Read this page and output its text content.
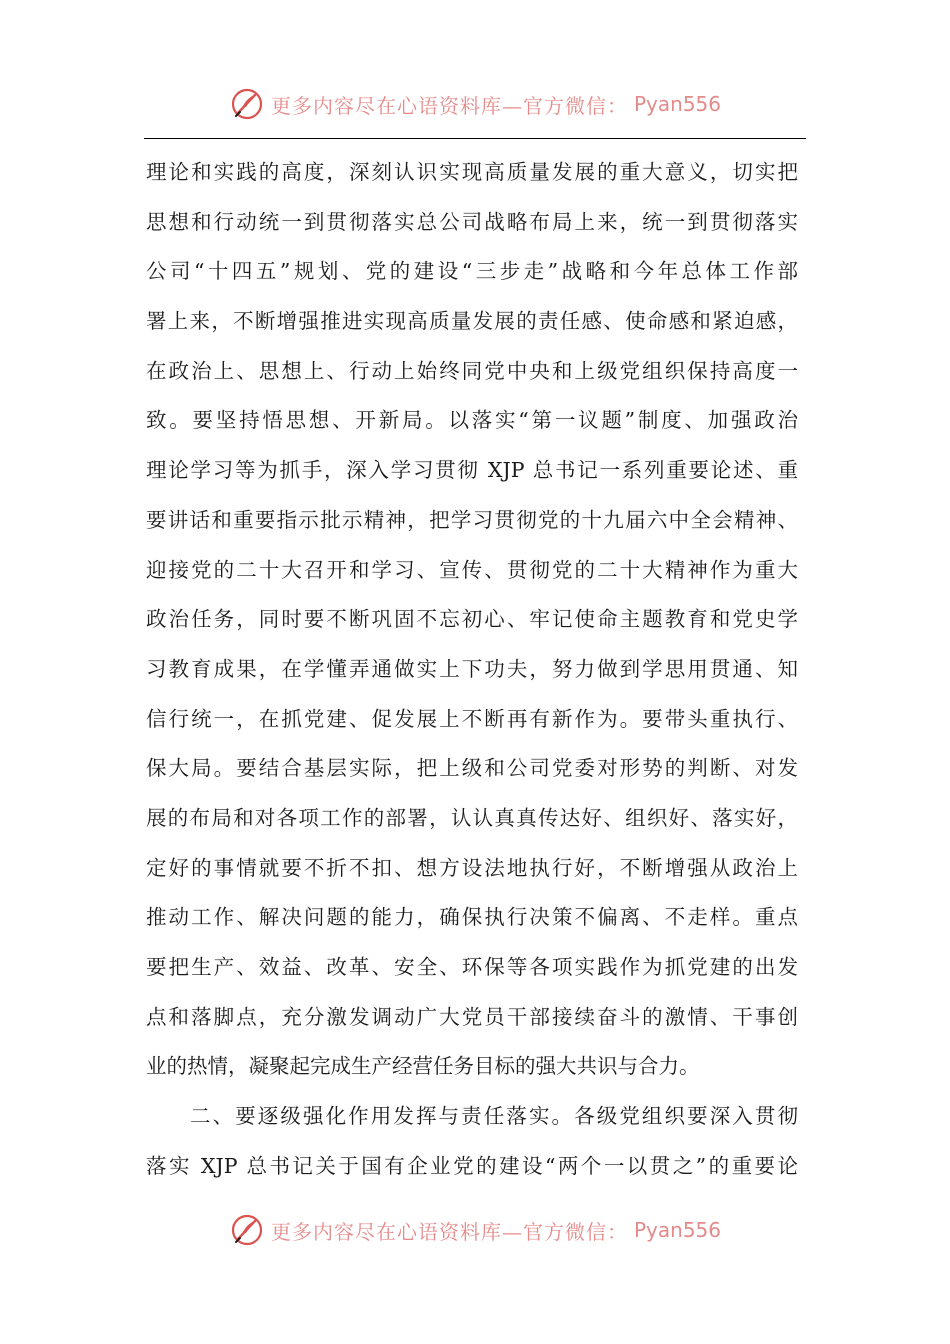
更多内容尽在心语资料库—官方微信： Pyan556
理论和实践的高度，深刻认识实现高质量发展的重大意义，切实把
思想和行动统一到贯彻落实总公司战略布局上来，统一到贯彻落实
公司“十四五”规划、党的建设“三步走”战略和今年总体工作部
署上来，不断增强推进实现高质量发展的责任感、使命感和紧迫感，
在政治上、思想上、行动上始终同党中央和上级党组织保持高度一
致。要坚持悟思想、开新局。以落实“第一议题”制度、加强政治
理论学习等为抓手，深入学习贯彻 XJP 总书记一系列重要论述、重
要讲话和重要指示批示精神，把学习贯彻党的十九届六中全会精神、
迎接党的二十大召开和学习、宣传、贯彻党的二十大精神作为重大
政治任务，同时要不断巩固不忘初心、牢记使命主题教育和党史学
习教育成果，在学懂弄通做实上下功夫，努力做到学思用贯通、知
信行统一，在抓党建、促发展上不断再有新作为。要带头重执行、
保大局。要结合基层实际，把上级和公司党委对形势的判断、对发
展的布局和对各项工作的部署，认认真真传达好、组织好、落实好，
定好的事情就要不折不扣、想方设法地执行好，不断增强从政治上
推动工作、解决问题的能力，确保执行决策不偏离、不走样。重点
要把生产、效益、改革、安全、环保等各项实践作为抓党建的出发
点和落脚点，充分激发调动广大党员干部接续奋斗的激情、干事创
业的热情，凝聚起完成生产经营任务目标的强大共识与合力。
二、要逐级强化作用发挥与责任落实。各级党组织要深入贯彻
落实 XJP 总书记关于国有企业党的建设“两个一以贯之”的重要论
更多内容尽在心语资料库—官方微信： Pyan556
